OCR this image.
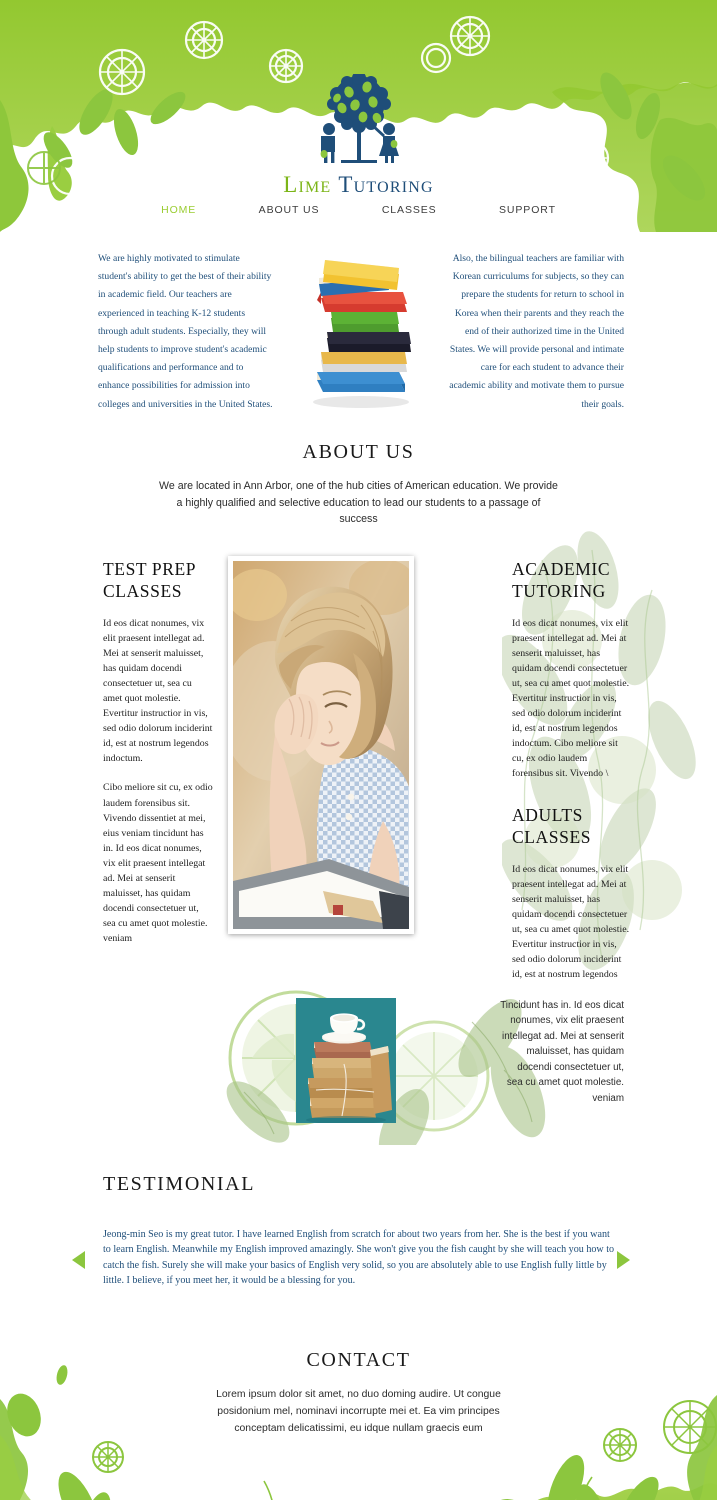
Lime Tutoring
HOME	ABOUT US	CLASSES	SUPPORT

We are highly motivated to stimulate student's ability to get the best of their ability in academic field. Our teachers are experienced in teaching K-12 students through adult students. Especially, they will help students to improve student's academic qualifications and performance and to enhance possibilities for admission into colleges and universities in the United States.

Also, the bilingual teachers are familiar with Korean curriculums for subjects, so they can prepare the students for return to school in Korea when their parents and they reach the end of their authorized time in the United States. We will provide personal and intimate care for each student to advance their academic ability and motivate them to pursue their goals.

ABOUT US

We are located in Ann Arbor, one of the hub cities of American education. We provide a highly qualified and selective education to lead our students to a passage of success

TEST PREP CLASSES

Id eos dicat nonumes, vix elit praesent intellegat ad. Mei at senserit maluisset, has quidam docendi consectetuer ut, sea cu amet quot molestie. Evertitur instructior in vis, sed odio dolorum inciderint id, est at nostrum legendos indoctum.

Cibo meliore sit cu, ex odio laudem forensibus sit. Vivendo dissentiet at mei, eius veniam tincidunt has in. Id eos dicat nonumes, vix elit praesent intellegat ad. Mei at senserit maluisset, has quidam docendi consectetuer ut, sea cu amet quot molestie. veniam

ACADEMIC TUTORING

Id eos dicat nonumes, vix elit praesent intellegat ad. Mei at senserit maluisset, has quidam docendi consectetuer ut, sea cu amet quot molestie. Evertitur instructior in vis, sed odio dolorum inciderint id, est at nostrum legendos indoctum. Cibo meliore sit cu, ex odio laudem forensibus sit. Vivendo \

ADULTS CLASSES

Id eos dicat nonumes, vix elit praesent intellegat ad. Mei at senserit maluisset, has quidam docendi consectetuer ut, sea cu amet quot molestie. Evertitur instructior in vis, sed odio dolorum inciderint id, est at nostrum legendos

Tincidunt has in. Id eos dicat nonumes, vix elit praesent intellegat ad. Mei at senserit maluisset, has quidam docendi consectetuer ut, sea cu amet quot molestie. veniam

TESTIMONIAL

Jeong-min Seo is my great tutor. I have learned English from scratch for about two years from her. She is the best if you want to learn English. Meanwhile my English improved amazingly. She won't give you the fish caught by she will teach you how to catch the fish. Surely she will make your basics of English very solid, so you are absolutely able to use English fully little by little. I believe, if you meet her, it would be a blessing for you.

CONTACT

Lorem ipsum dolor sit amet, no duo doming audire. Ut congue posidonium mel, nominavi incorrupte mei et. Ea vim principes conceptam delicatissimi, eu idque nullam graecis eum
